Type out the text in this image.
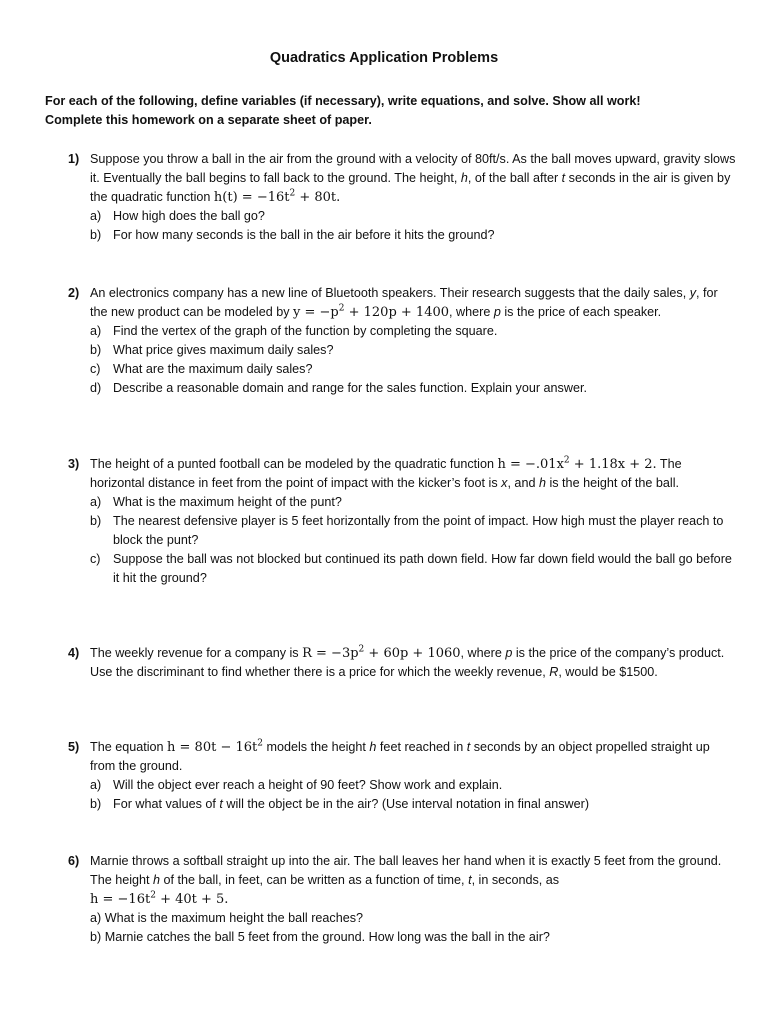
Quadratics Application Problems
For each of the following, define variables (if necessary), write equations, and solve. Show all work!
Complete this homework on a separate sheet of paper.
1) Suppose you throw a ball in the air from the ground with a velocity of 80ft/s. As the ball moves upward, gravity slows it. Eventually the ball begins to fall back to the ground. The height, h, of the ball after t seconds in the air is given by the quadratic function $h(t) = -16t^2 + 80t$.
a) How high does the ball go?
b) For how many seconds is the ball in the air before it hits the ground?
2) An electronics company has a new line of Bluetooth speakers. Their research suggests that the daily sales, y, for the new product can be modeled by $y = -p^2 + 120p + 1400$, where p is the price of each speaker.
a) Find the vertex of the graph of the function by completing the square.
b) What price gives maximum daily sales?
c) What are the maximum daily sales?
d) Describe a reasonable domain and range for the sales function. Explain your answer.
3) The height of a punted football can be modeled by the quadratic function $h = -.01x^2 + 1.18x + 2$. The horizontal distance in feet from the point of impact with the kicker’s foot is x, and h is the height of the ball.
a) What is the maximum height of the punt?
b) The nearest defensive player is 5 feet horizontally from the point of impact. How high must the player reach to block the punt?
c) Suppose the ball was not blocked but continued its path down field. How far down field would the ball go before it hit the ground?
4) The weekly revenue for a company is $R = -3p^2 + 60p + 1060$, where p is the price of the company’s product. Use the discriminant to find whether there is a price for which the weekly revenue, R, would be $1500.
5) The equation $h = 80t - 16t^2$ models the height h feet reached in t seconds by an object propelled straight up from the ground.
a) Will the object ever reach a height of 90 feet? Show work and explain.
b) For what values of t will the object be in the air? (Use interval notation in final answer)
6) Marnie throws a softball straight up into the air. The ball leaves her hand when it is exactly 5 feet from the ground. The height h of the ball, in feet, can be written as a function of time, t, in seconds, as
$h = -16t^2 + 40t + 5$.
a) What is the maximum height the ball reaches?
b) Marnie catches the ball 5 feet from the ground. How long was the ball in the air?
